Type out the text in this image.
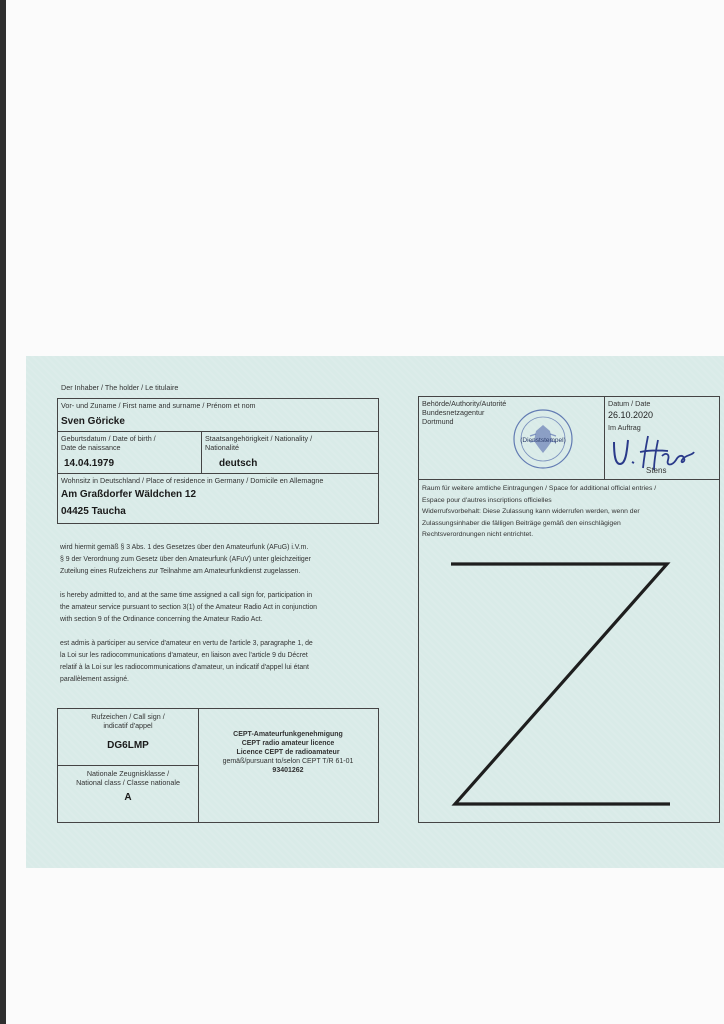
Der Inhaber / The holder / Le titulaire
Vor- und Zuname / First name and surname / Prénom et nom
Sven Göricke
Geburtsdatum / Date of birth /
Date de naissance
14.04.1979
Staatsangehörigkeit / Nationality /
Nationalité
deutsch
Wohnsitz in Deutschland / Place of residence in Germany / Domicile en Allemagne
Am Graßdorfer Wäldchen 12
04425 Taucha
wird hiermit gemäß § 3 Abs. 1 des Gesetzes über den Amateurfunk (AFuG) i.V.m.
§ 9 der Verordnung zum Gesetz über den Amateurfunk (AFuV) unter gleichzeitiger
Zuteilung eines Rufzeichens zur Teilnahme am Amateurfunkdienst zugelassen.
is hereby admitted to, and at the same time assigned a call sign for, participation in
the amateur service pursuant to section 3(1) of the Amateur Radio Act in conjunction
with section 9 of the Ordinance concerning the Amateur Radio Act.
est admis à participer au service d'amateur en vertu de l'article 3, paragraphe 1, de
la Loi sur les radiocommunications d'amateur, en liaison avec l'article 9 du Décret
relatif à la Loi sur les radiocommunications d'amateur, un indicatif d'appel lui étant
parallèlement assigné.
Rufzeichen / Call sign /
indicatif d'appel
DG6LMP
Nationale Zeugnisklasse /
National class / Classe nationale
A
CEPT-Amateurfunkgenehmigung
CEPT radio amateur licence
Licence CEPT de radioamateur
gemäß/pursuant to/selon CEPT T/R 61-01
93401262
Behörde/Authority/Autorité
Bundesnetzagentur
Dortmund
(Dienststempel)
Datum / Date
26.10.2020
Im Auftrag
Stens
Raum für weitere amtliche Eintragungen / Space for additional official entries /
Espace pour d'autres inscriptions officielles
Widerrufsvorbehalt: Diese Zulassung kann widerrufen werden, wenn der
Zulassungsinhaber die fälligen Beiträge gemäß den einschlägigen
Rechtsverordnungen nicht entrichtet.
